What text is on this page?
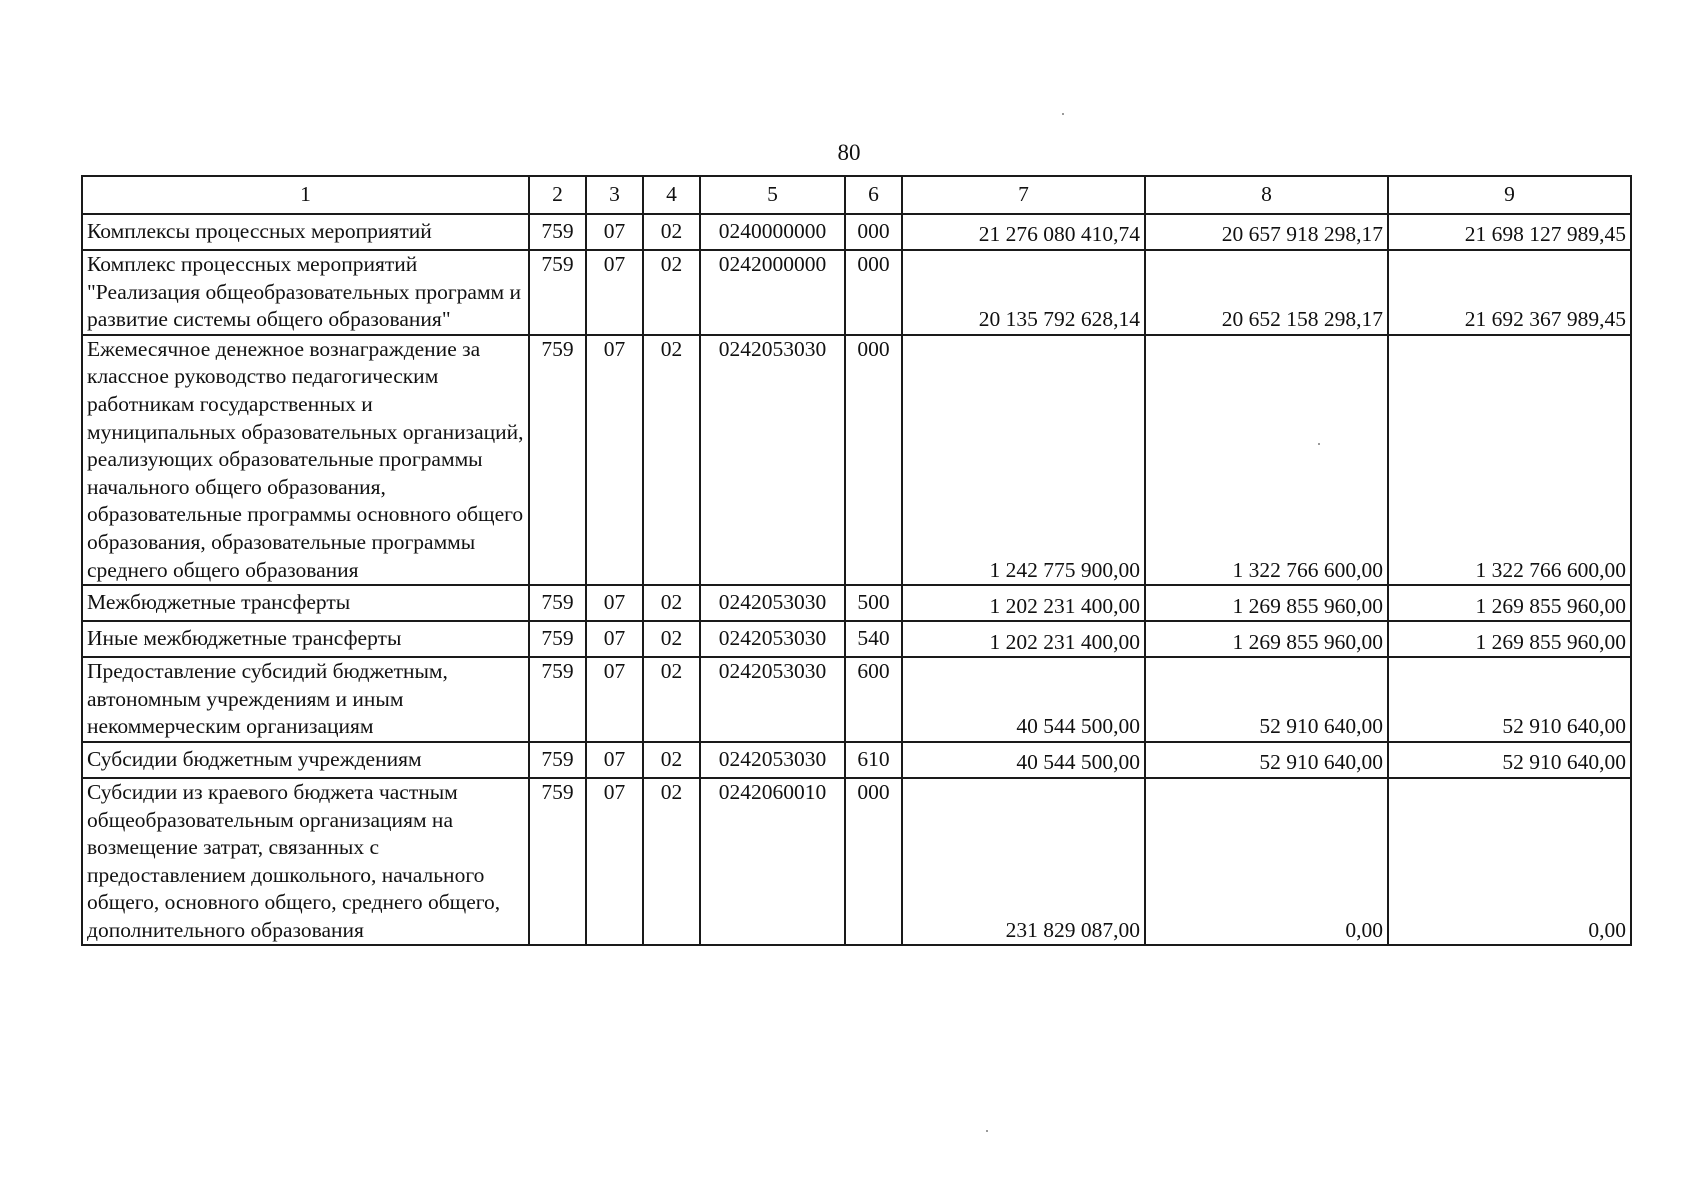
80
1	2	3	4	5	6	7	8	9
Комплексы процессных мероприятий	759	07	02	0240000000	000	21 276 080 410,74	20 657 918 298,17	21 698 127 989,45
Комплекс процессных мероприятий "Реализация общеобразовательных программ и развитие системы общего образования"	759	07	02	0242000000	000	20 135 792 628,14	20 652 158 298,17	21 692 367 989,45
Ежемесячное денежное вознаграждение за классное руководство педагогическим работникам государственных и муниципальных образовательных организаций, реализующих образовательные программы начального общего образования, образовательные программы основного общего образования, образовательные программы среднего общего образования	759	07	02	0242053030	000	1 242 775 900,00	1 322 766 600,00	1 322 766 600,00
Межбюджетные трансферты	759	07	02	0242053030	500	1 202 231 400,00	1 269 855 960,00	1 269 855 960,00
Иные межбюджетные трансферты	759	07	02	0242053030	540	1 202 231 400,00	1 269 855 960,00	1 269 855 960,00
Предоставление субсидий бюджетным, автономным учреждениям и иным некоммерческим организациям	759	07	02	0242053030	600	40 544 500,00	52 910 640,00	52 910 640,00
Субсидии бюджетным учреждениям	759	07	02	0242053030	610	40 544 500,00	52 910 640,00	52 910 640,00
Субсидии из краевого бюджета частным общеобразовательным организациям на возмещение затрат, связанных с предоставлением дошкольного, начального общего, основного общего, среднего общего, дополнительного образования	759	07	02	0242060010	000	231 829 087,00	0,00	0,00
